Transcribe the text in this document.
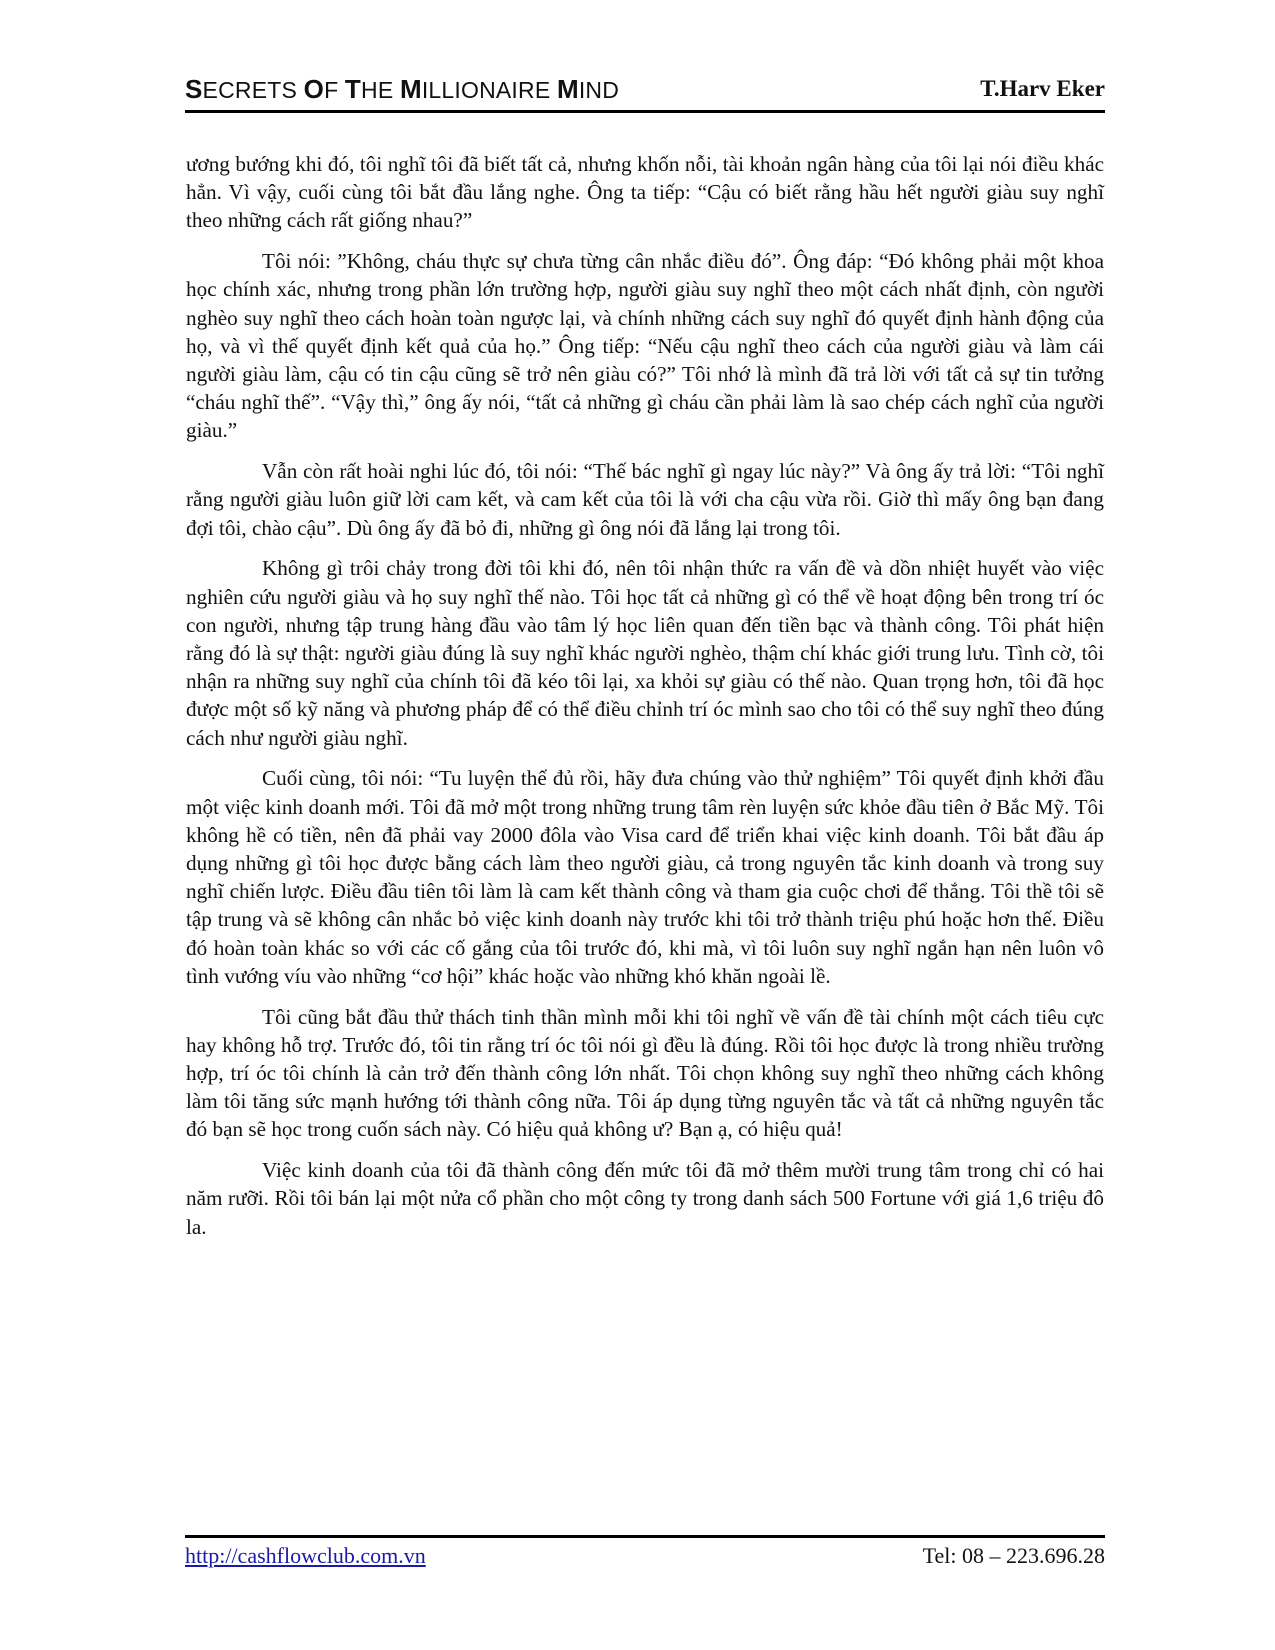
SECRETS OF THE MILLIONAIRE MIND	T.Harv Eker

ương bướng khi đó, tôi nghĩ tôi đã biết tất cả, nhưng khốn nỗi, tài khoản ngân hàng của tôi lại nói điều khác hẳn. Vì vậy, cuối cùng tôi bắt đầu lắng nghe. Ông ta tiếp: “Cậu có biết rằng hầu hết người giàu suy nghĩ theo những cách rất giống nhau?”

Tôi nói: ”Không, cháu thực sự chưa từng cân nhắc điều đó”. Ông đáp: “Đó không phải một khoa học chính xác, nhưng trong phần lớn trường hợp, người giàu suy nghĩ theo một cách nhất định, còn người nghèo suy nghĩ theo cách hoàn toàn ngược lại, và chính những cách suy nghĩ đó quyết định hành động của họ, và vì thế quyết định kết quả của họ.” Ông tiếp: “Nếu cậu nghĩ theo cách của người giàu và làm cái người giàu làm, cậu có tin cậu cũng sẽ trở nên giàu có?” Tôi nhớ là mình đã trả lời với tất cả sự tin tưởng “cháu nghĩ thế”. “Vậy thì,” ông ấy nói, “tất cả những gì cháu cần phải làm là sao chép cách nghĩ của người giàu.”

Vẫn còn rất hoài nghi lúc đó, tôi nói: “Thế bác nghĩ gì ngay lúc này?” Và ông ấy trả lời: “Tôi nghĩ rằng người giàu luôn giữ lời cam kết, và cam kết của tôi là với cha cậu vừa rồi. Giờ thì mấy ông bạn đang đợi tôi, chào cậu”. Dù ông ấy đã bỏ đi, những gì ông nói đã lắng lại trong tôi.

Không gì trôi chảy trong đời tôi khi đó, nên tôi nhận thức ra vấn đề và dồn nhiệt huyết vào việc nghiên cứu người giàu và họ suy nghĩ thế nào. Tôi học tất cả những gì có thể về hoạt động bên trong trí óc con người, nhưng tập trung hàng đầu vào tâm lý học liên quan đến tiền bạc và thành công. Tôi phát hiện rằng đó là sự thật: người giàu đúng là suy nghĩ khác người nghèo, thậm chí khác giới trung lưu. Tình cờ, tôi nhận ra những suy nghĩ của chính tôi đã kéo tôi lại, xa khỏi sự giàu có thế nào. Quan trọng hơn, tôi đã học được một số kỹ năng và phương pháp để có thể điều chỉnh trí óc mình sao cho tôi có thể suy nghĩ theo đúng cách như người giàu nghĩ.

Cuối cùng, tôi nói: “Tu luyện thế đủ rồi, hãy đưa chúng vào thử nghiệm” Tôi quyết định khởi đầu một việc kinh doanh mới. Tôi đã mở một trong những trung tâm rèn luyện sức khỏe đầu tiên ở Bắc Mỹ. Tôi không hề có tiền, nên đã phải vay 2000 đôla vào Visa card để triển khai việc kinh doanh. Tôi bắt đầu áp dụng những gì tôi học được bằng cách làm theo người giàu, cả trong nguyên tắc kinh doanh và trong suy nghĩ chiến lược. Điều đầu tiên tôi làm là cam kết thành công và tham gia cuộc chơi để thắng. Tôi thề tôi sẽ tập trung và sẽ không cân nhắc bỏ việc kinh doanh này trước khi tôi trở thành triệu phú hoặc hơn thế. Điều đó hoàn toàn khác so với các cố gắng của tôi trước đó, khi mà, vì tôi luôn suy nghĩ ngắn hạn nên luôn vô tình vướng víu vào những “cơ hội” khác hoặc vào những khó khăn ngoài lề.

Tôi cũng bắt đầu thử thách tinh thần mình mỗi khi tôi nghĩ về vấn đề tài chính một cách tiêu cực hay không hỗ trợ. Trước đó, tôi tin rằng trí óc tôi nói gì đều là đúng. Rồi tôi học được là trong nhiều trường hợp, trí óc tôi chính là cản trở đến thành công lớn nhất. Tôi chọn không suy nghĩ theo những cách không làm tôi tăng sức mạnh hướng tới thành công nữa. Tôi áp dụng từng nguyên tắc và tất cả những nguyên tắc đó bạn sẽ học trong cuốn sách này. Có hiệu quả không ư? Bạn ạ, có hiệu quả!

Việc kinh doanh của tôi đã thành công đến mức tôi đã mở thêm mười trung tâm trong chỉ có hai năm rưỡi. Rồi tôi bán lại một nửa cổ phần cho một công ty trong danh sách 500 Fortune với giá 1,6 triệu đô la.

http://cashflowclub.com.vn	Tel: 08 – 223.696.28
